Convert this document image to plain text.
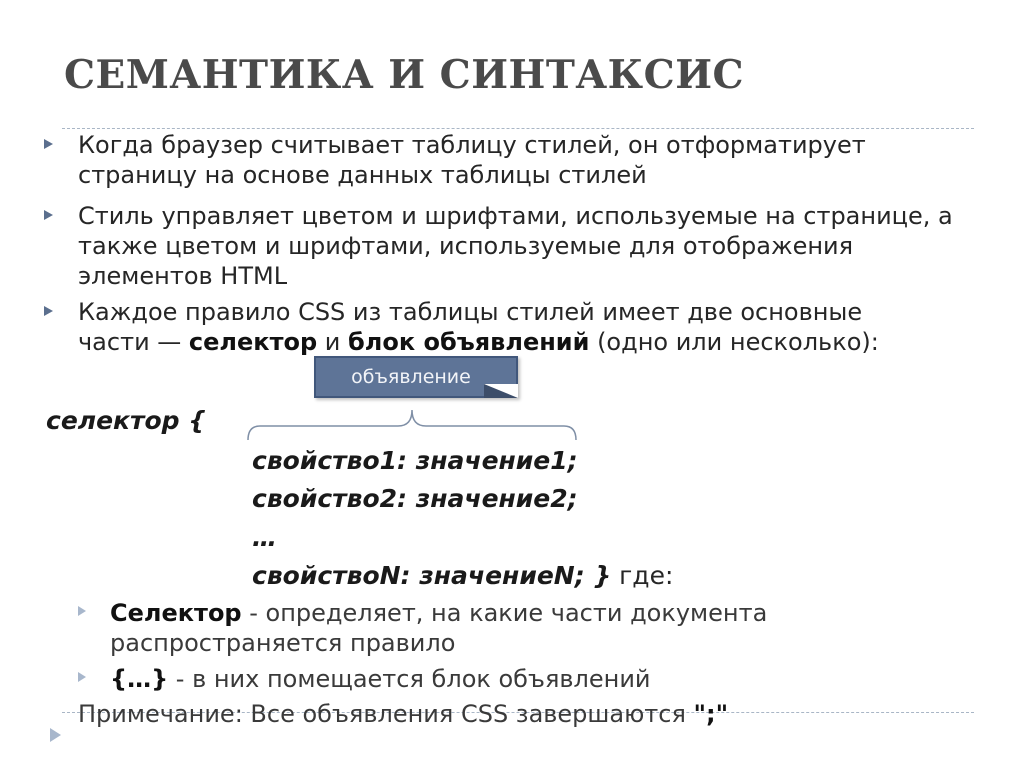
СЕМАНТИКА И СИНТАКСИС
Когда браузер считывает таблицу стилей, он отформатирует
страницу на основе данных таблицы стилей
Стиль управляет цветом и шрифтами, используемые на странице, а
также цветом и шрифтами, используемые для отображения
элементов HTML
Каждое правило CSS из таблицы стилей имеет две основные
части — селектор и блок объявлений (одно или несколько):
объявление
селектор {
свойство1: значение1;
свойство2: значение2;
…
свойствоN: значениеN; } где:
Селектор - определяет, на какие части документа
распространяется правило
{…} - в них помещается блок объявлений
Примечание: Все объявления CSS завершаются ";"
